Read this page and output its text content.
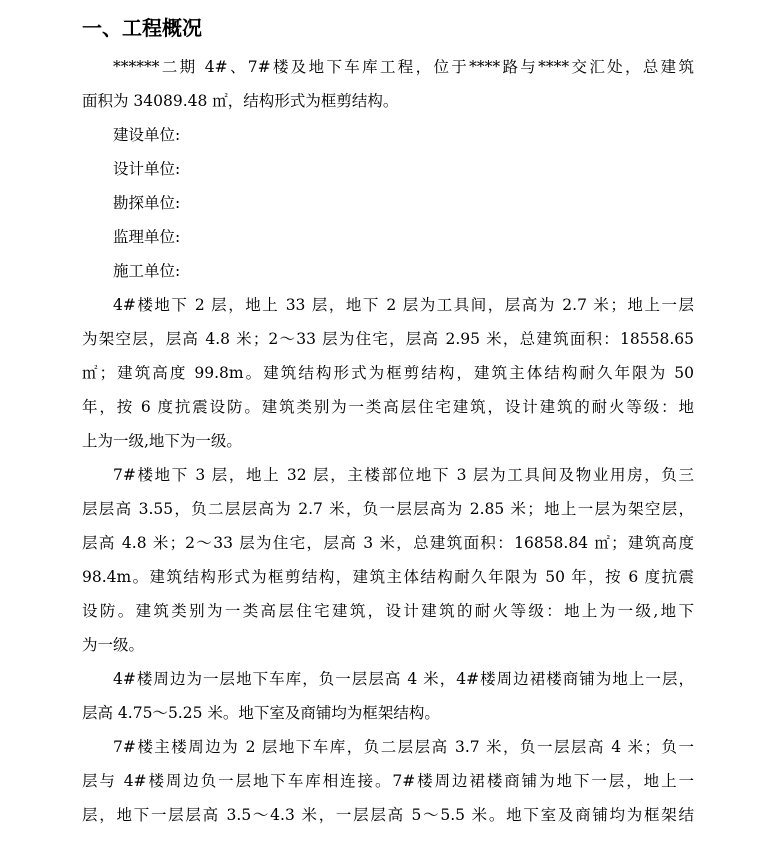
一、工程概况
******二期 4#、7#楼及地下车库工程，位于****路与****交汇处，总建筑
面积为 34089.48 ㎡，结构形式为框剪结构。
建设单位:
设计单位:
勘探单位:
监理单位:
施工单位:
4#楼地下 2 层，地上 33 层，地下 2 层为工具间，层高为 2.7 米；地上一层
为架空层，层高 4.8 米；2～33 层为住宅，层高 2.95 米，总建筑面积：18558.65
㎡；建筑高度 99.8m。建筑结构形式为框剪结构，建筑主体结构耐久年限为 50
年，按 6 度抗震设防。建筑类别为一类高层住宅建筑，设计建筑的耐火等级：地
上为一级,地下为一级。
7#楼地下 3 层，地上 32 层，主楼部位地下 3 层为工具间及物业用房，负三
层层高 3.55，负二层层高为 2.7 米，负一层层高为 2.85 米；地上一层为架空层，
层高 4.8 米；2～33 层为住宅，层高 3 米，总建筑面积：16858.84 ㎡；建筑高度
98.4m。建筑结构形式为框剪结构，建筑主体结构耐久年限为 50 年，按 6 度抗震
设防。建筑类别为一类高层住宅建筑，设计建筑的耐火等级：地上为一级,地下
为一级。
4#楼周边为一层地下车库，负一层层高 4 米，4#楼周边裙楼商铺为地上一层，
层高 4.75～5.25 米。地下室及商铺均为框架结构。
7#楼主楼周边为 2 层地下车库，负二层层高 3.7 米，负一层层高 4 米；负一
层与 4#楼周边负一层地下车库相连接。7#楼周边裙楼商铺为地下一层，地上一
层，地下一层层高 3.5～4.3 米，一层层高 5～5.5 米。地下室及商铺均为框架结
